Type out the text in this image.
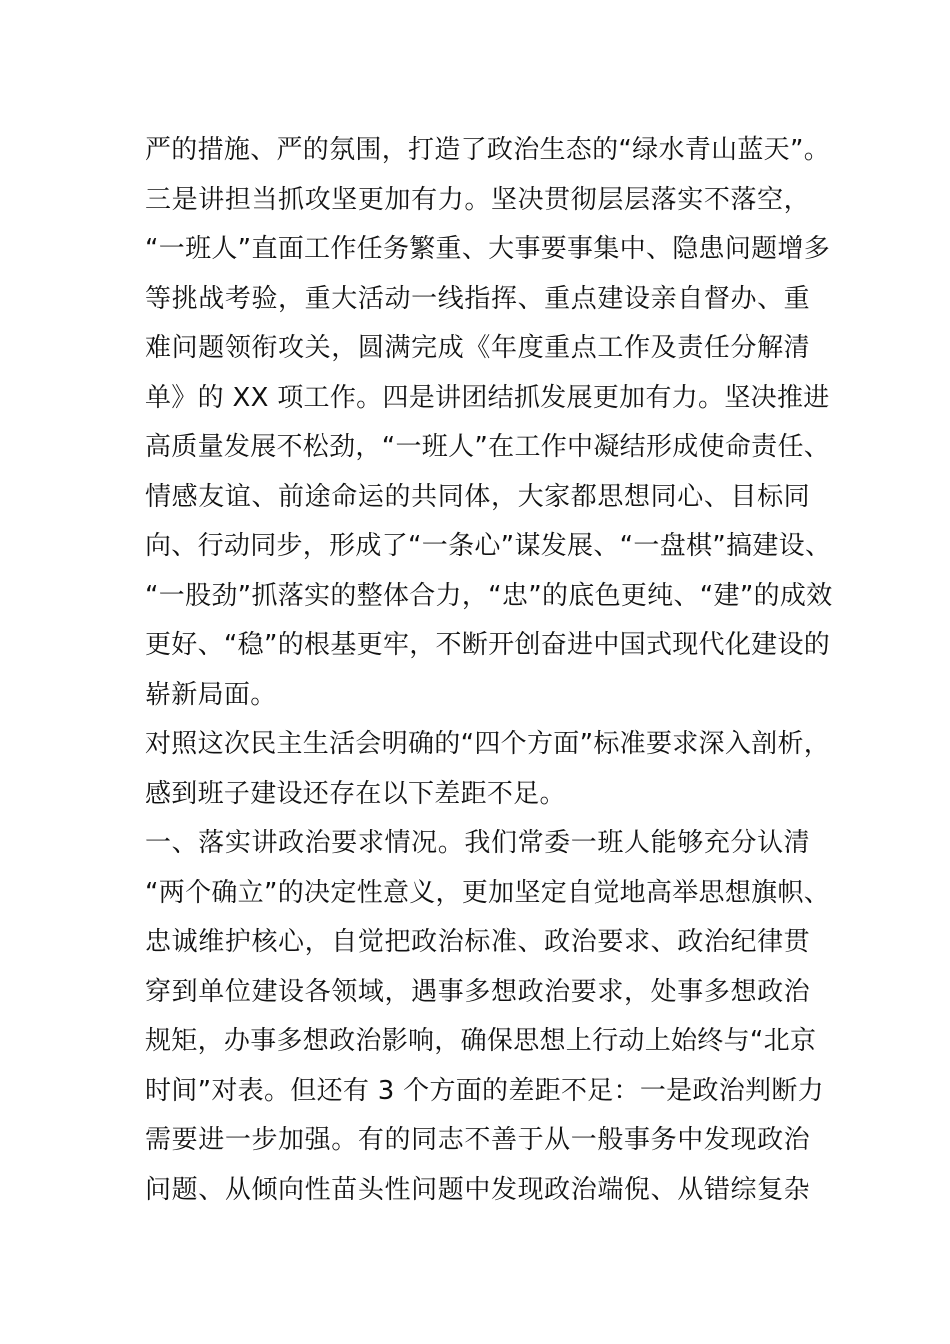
严的措施、严的氛围，打造了政治生态的“绿水青山蓝天”。
三是讲担当抓攻坚更加有力。坚决贯彻层层落实不落空，
“一班人”直面工作任务繁重、大事要事集中、隐患问题增多
等挑战考验，重大活动一线指挥、重点建设亲自督办、重
难问题领衔攻关，圆满完成《年度重点工作及责任分解清
单》的 XX 项工作。四是讲团结抓发展更加有力。坚决推进
高质量发展不松劲，“一班人”在工作中凝结形成使命责任、
情感友谊、前途命运的共同体，大家都思想同心、目标同
向、行动同步，形成了“一条心”谋发展、“一盘棋”搞建设、
“一股劲”抓落实的整体合力，“忠”的底色更纯、“建”的成效
更好、“稳”的根基更牢，不断开创奋进中国式现代化建设的
崭新局面。
对照这次民主生活会明确的“四个方面”标准要求深入剖析，
感到班子建设还存在以下差距不足。
一、落实讲政治要求情况。我们常委一班人能够充分认清
“两个确立”的决定性意义，更加坚定自觉地高举思想旗帜、
忠诚维护核心，自觉把政治标准、政治要求、政治纪律贯
穿到单位建设各领域，遇事多想政治要求，处事多想政治
规矩，办事多想政治影响，确保思想上行动上始终与“北京
时间”对表。但还有 3 个方面的差距不足：一是政治判断力
需要进一步加强。有的同志不善于从一般事务中发现政治
问题、从倾向性苗头性问题中发现政治端倪、从错综复杂
